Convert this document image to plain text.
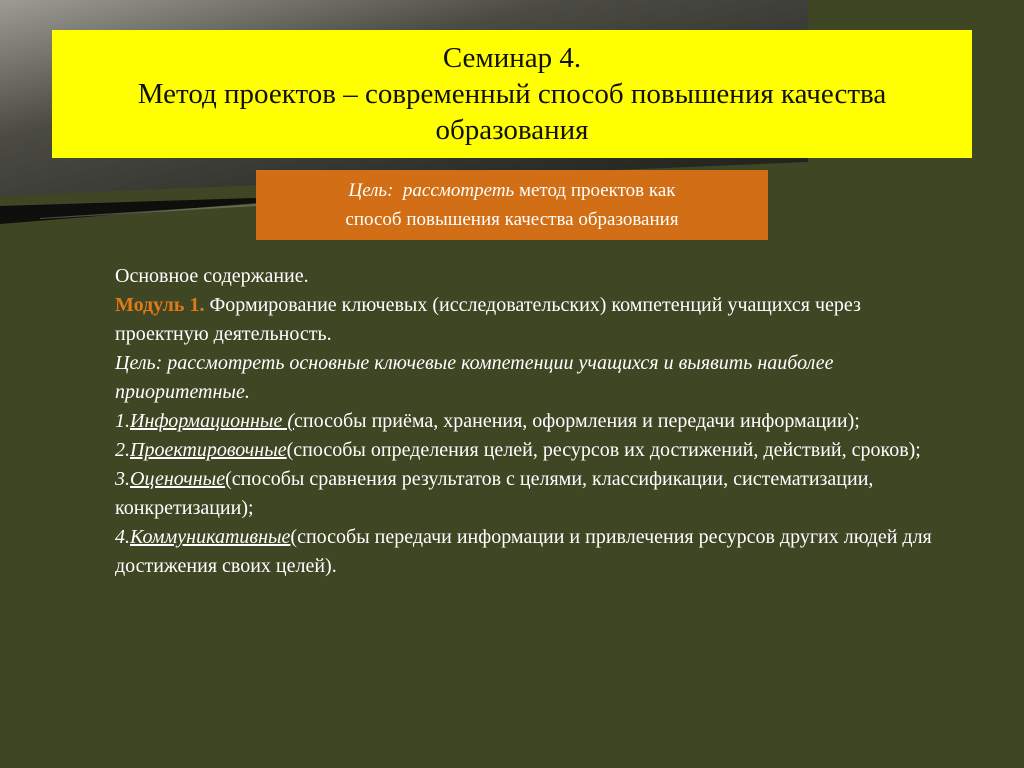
Семинар 4.
Метод проектов – современный способ повышения качества
образования
Цель: рассмотреть метод проектов как
способ повышения качества образования

Основное содержание.

Модуль 1. Формирование ключевых (исследовательских) компетенций учащихся через проектную деятельность.

Цель: рассмотреть основные ключевые компетенции учащихся и выявить наиболее приоритетные.

1.Информационные (способы приёма, хранения, оформления и передачи информации);

2.Проектировочные(способы определения целей, ресурсов их достижений, действий, сроков);

3.Оценочные(способы сравнения результатов с целями, классификации, систематизации, конкретизации);

4.Коммуникативные(способы передачи информации и привлечения ресурсов других людей для достижения своих целей).
